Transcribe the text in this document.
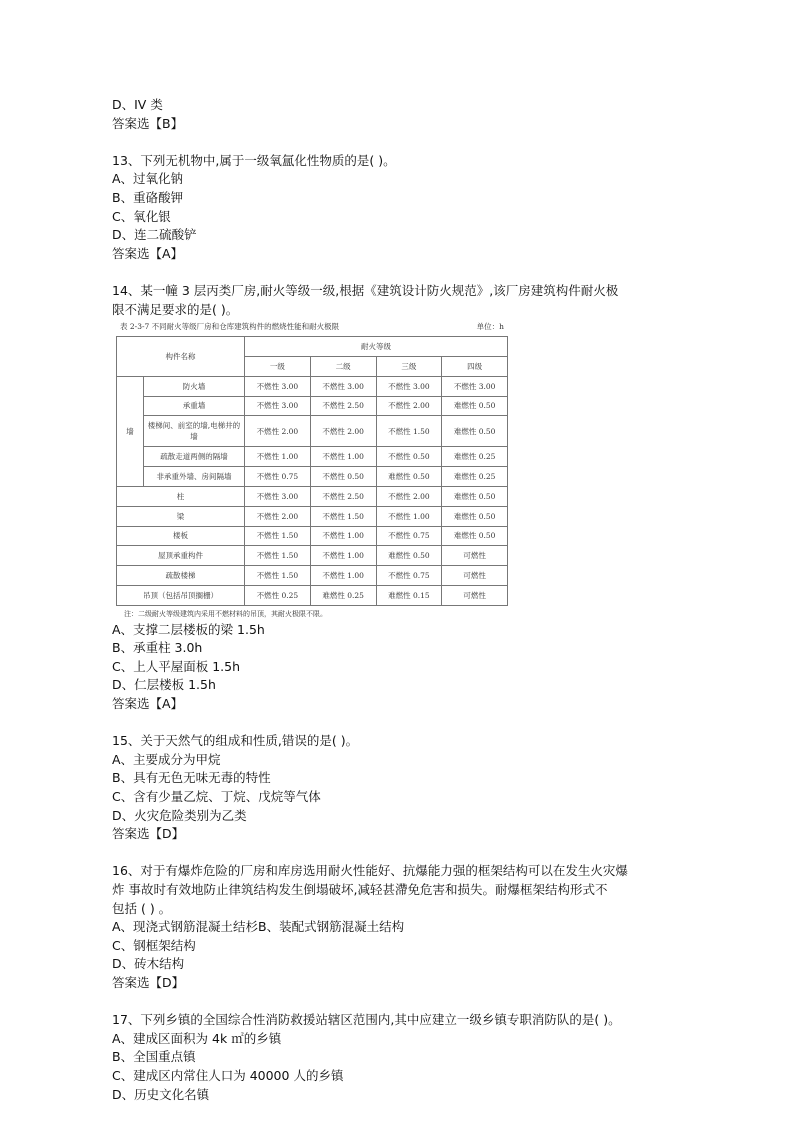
D、IV 类
答案选【B】
13、下列无机物中,属于一级氧氲化性物质的是( )。
A、过氧化钠
B、重硌酸钾
C、氧化银
D、连二硫酸铲
答案选【A】
14、某一幢 3 层丙类厂房,耐火等级一级,根据《建筑设计防火规范》,该厂房建筑构件耐火极
限不满足要求的是( )。
表 2-3-7 不同耐火等级厂房和仓库建筑构件的燃烧性能和耐火极限	单位：h
构件名称		耐火等级			
		一级	二级	三级	四级
墙	防火墙	不燃性 3.00	不燃性 3.00	不燃性 3.00	不燃性 3.00
	承重墙	不燃性 3.00	不燃性 2.50	不燃性 2.00	难燃性 0.50
	楼梯间、前室的墙,电梯井的墙	不燃性 2.00	不燃性 2.00	不燃性 1.50	难燃性 0.50
	疏散走道两侧的隔墙	不燃性 1.00	不燃性 1.00	不燃性 0.50	难燃性 0.25
	非承重外墙、房间隔墙	不燃性 0.75	不燃性 0.50	难燃性 0.50	难燃性 0.25
柱		不燃性 3.00	不燃性 2.50	不燃性 2.00	难燃性 0.50
梁		不燃性 2.00	不燃性 1.50	不燃性 1.00	难燃性 0.50
楼板		不燃性 1.50	不燃性 1.00	不燃性 0.75	难燃性 0.50
屋顶承重构件		不燃性 1.50	不燃性 1.00	难燃性 0.50	可燃性
疏散楼梯		不燃性 1.50	不燃性 1.00	不燃性 0.75	可燃性
吊顶（包括吊顶搁栅）		不燃性 0.25	难燃性 0.25	难燃性 0.15	可燃性
注：二级耐火等级建筑内采用不燃材料的吊顶，其耐火极限不限。
A、支撑二层楼板的梁 1.5h
B、承重柱 3.0h
C、上人平屋面板 1.5h
D、仁层楼板 1.5h
答案选【A】
15、关于天然气的组成和性质,错误的是( )。
A、主要成分为甲烷
B、具有无色无味无毒的特性
C、含有少量乙烷、丁烷、戊烷等气体
D、火灾危险类别为乙类
答案选【D】
16、对于有爆炸危险的厂房和库房选用耐火性能好、抗爆能力强的框架结构可以在发生火灾爆
炸 事故时有效地防止律筑结构发生倒塌破坏,减轻甚滯免危害和损失。耐爆框架结构形式不
包括 ( ) 。
A、现浇式钢筋混凝土结杉B、装配式钢筋混凝土结构
C、钢框架结构
D、砖木结构
答案选【D】
17、下列乡镇的全国综合性消防救援站辖区范围内,其中应建立一级乡镇专职消防队的是( )。
A、建成区面积为 4k ㎡的乡镇
B、全国重点镇
C、建成区内常住人口为 40000 人的乡镇
D、历史文化名镇
